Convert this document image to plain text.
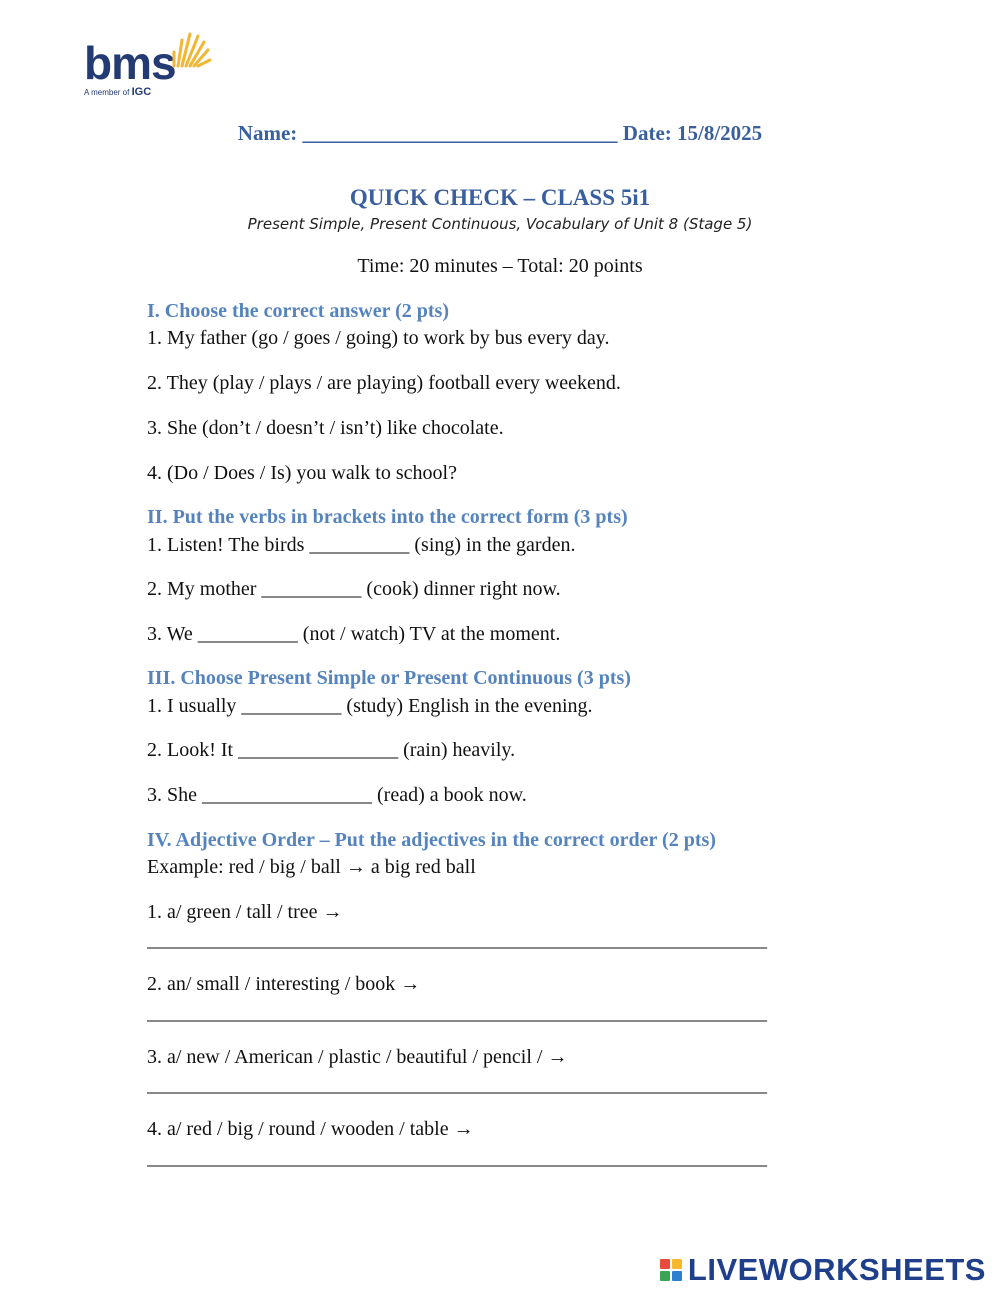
bms
A member of IGC
Name: ______________________________ Date: 15/8/2025
QUICK CHECK – CLASS 5i1
Present Simple, Present Continuous, Vocabulary of Unit 8 (Stage 5)
Time: 20 minutes – Total: 20 points
I. Choose the correct answer (2 pts)
1. My father (go / goes / going) to work by bus every day.
2. They (play / plays / are playing) football every weekend.
3. She (don’t / doesn’t / isn’t) like chocolate.
4. (Do / Does / Is) you walk to school?
II. Put the verbs in brackets into the correct form (3 pts)
1. Listen! The birds __________ (sing) in the garden.
2. My mother __________ (cook) dinner right now.
3. We __________ (not / watch) TV at the moment.
III. Choose Present Simple or Present Continuous (3 pts)
1. I usually __________ (study) English in the evening.
2. Look! It ________________ (rain) heavily.
3. She _________________ (read) a book now.
IV. Adjective Order – Put the adjectives in the correct order (2 pts)
Example: red / big / ball → a big red ball
1. a/ green / tall / tree →
______________________________________________________________
2. an/ small / interesting / book →
______________________________________________________________
3. a/ new / American / plastic / beautiful / pencil / →
______________________________________________________________
4. a/ red / big / round / wooden / table →
______________________________________________________________
LIVEWORKSHEETS
